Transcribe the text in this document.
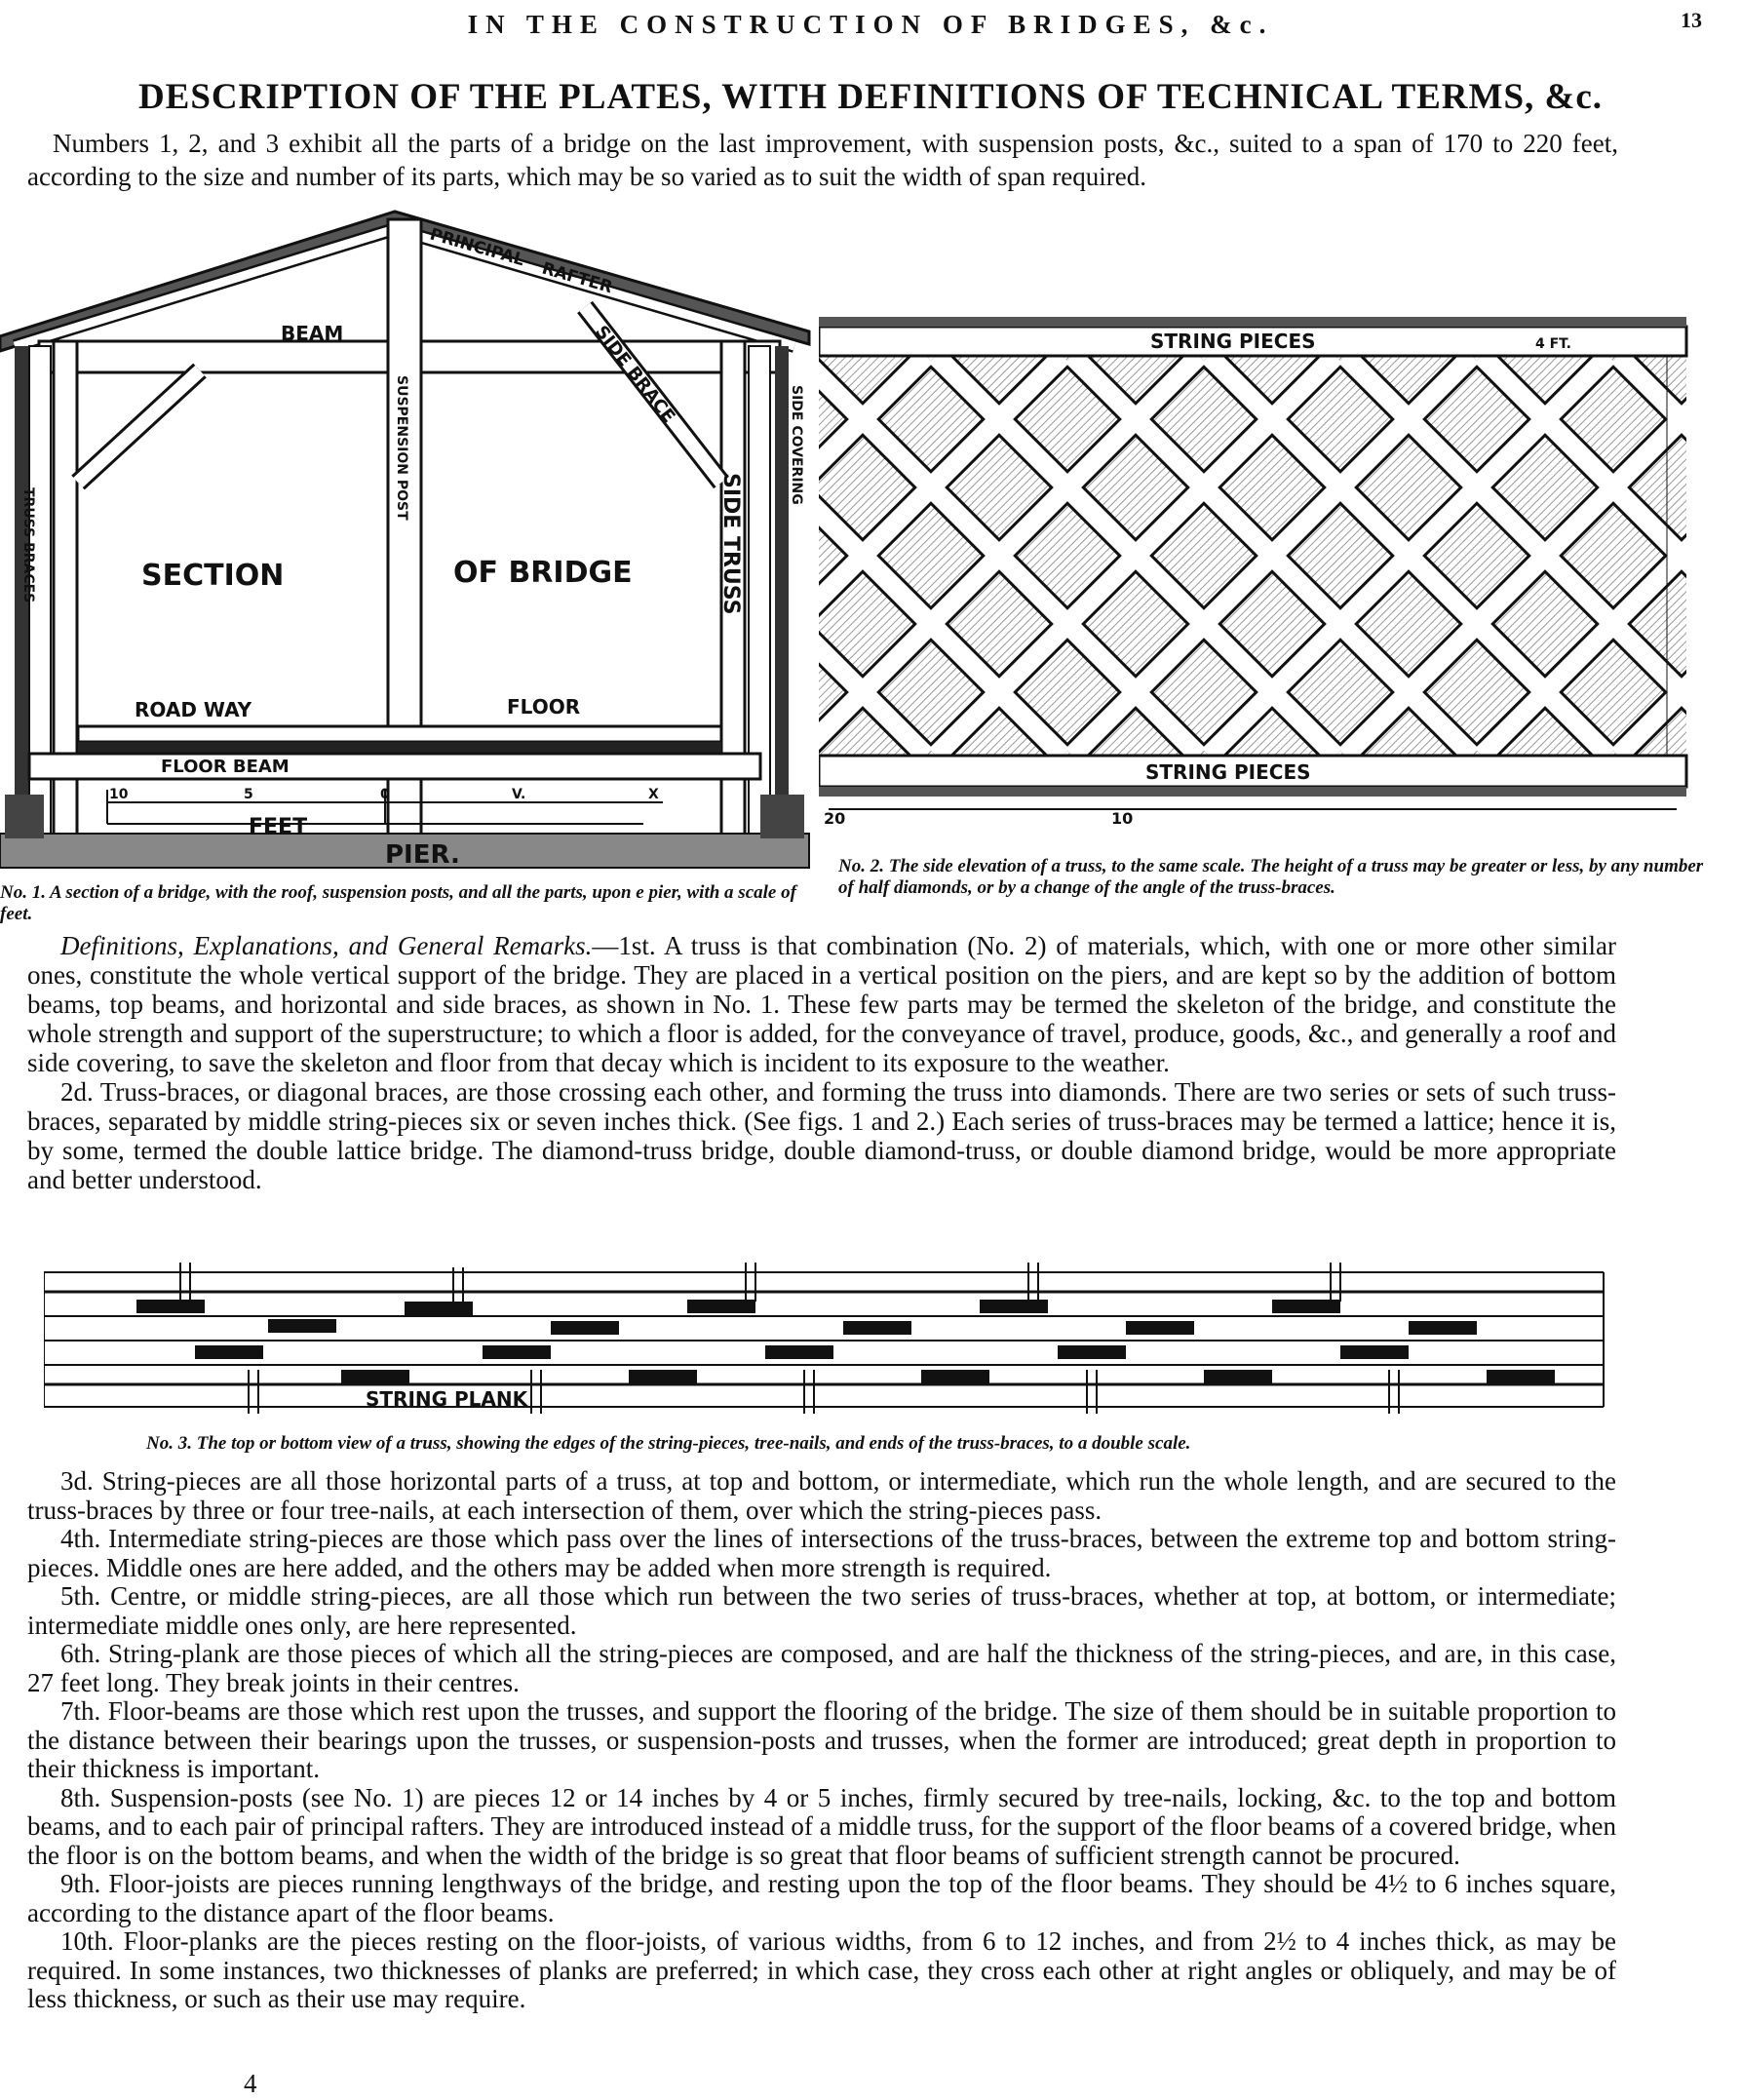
IN THE CONSTRUCTION OF BRIDGES, &c.	13
DESCRIPTION OF THE PLATES, WITH DEFINITIONS OF TECHNICAL TERMS, &c.
Numbers 1, 2, and 3 exhibit all the parts of a bridge on the last improvement, with suspension posts, &c., suited to a span of 170 to 220 feet, according to the size and number of its parts, which may be so varied as to suit the width of span required.
PRINCIPAL
RAFTER
BEAM	SIDE BRACE
SUSPENSION POST	SIDE COVERING
TRUSS BRACES	SIDE TRUSS
SECTION	OF BRIDGE
ROAD WAY	FLOOR
FLOOR BEAM
10	5	0	V.	X
FEET
PIER.
STRING PIECES	4 FT.
STRING PIECES
20	10
No. 1. A section of a bridge, with the roof, suspension posts, and all the parts, upon e pier, with a scale of feet.
No. 2. The side elevation of a truss, to the same scale. The height of a truss may be greater or less, by any number of half diamonds, or by a change of the angle of the truss-braces.

Definitions, Explanations, and General Remarks.—1st. A truss is that combination (No. 2) of materials, which, with one or more other similar ones, constitute the whole vertical support of the bridge. They are placed in a vertical position on the piers, and are kept so by the addition of bottom beams, top beams, and horizontal and side braces, as shown in No. 1. These few parts may be termed the skeleton of the bridge, and constitute the whole strength and support of the superstructure; to which a floor is added, for the conveyance of travel, produce, goods, &c., and generally a roof and side covering, to save the skeleton and floor from that decay which is incident to its exposure to the weather.

2d. Truss-braces, or diagonal braces, are those crossing each other, and forming the truss into diamonds. There are two series or sets of such truss-braces, separated by middle string-pieces six or seven inches thick. (See figs. 1 and 2.) Each series of truss-braces may be termed a lattice; hence it is, by some, termed the double lattice bridge. The diamond-truss bridge, double diamond-truss, or double diamond bridge, would be more appropriate and better understood.

STRING PLANK
No. 3. The top or bottom view of a truss, showing the edges of the string-pieces, tree-nails, and ends of the truss-braces, to a double scale.

3d. String-pieces are all those horizontal parts of a truss, at top and bottom, or intermediate, which run the whole length, and are secured to the truss-braces by three or four tree-nails, at each intersection of them, over which the string-pieces pass.

4th. Intermediate string-pieces are those which pass over the lines of intersections of the truss-braces, between the extreme top and bottom string-pieces. Middle ones are here added, and the others may be added when more strength is required.

5th. Centre, or middle string-pieces, are all those which run between the two series of truss-braces, whether at top, at bottom, or intermediate; intermediate middle ones only, are here represented.

6th. String-plank are those pieces of which all the string-pieces are composed, and are half the thickness of the string-pieces, and are, in this case, 27 feet long. They break joints in their centres.

7th. Floor-beams are those which rest upon the trusses, and support the flooring of the bridge. The size of them should be in suitable proportion to the distance between their bearings upon the trusses, or suspension-posts and trusses, when the former are introduced; great depth in proportion to their thickness is important.

8th. Suspension-posts (see No. 1) are pieces 12 or 14 inches by 4 or 5 inches, firmly secured by tree-nails, locking, &c. to the top and bottom beams, and to each pair of principal rafters. They are introduced instead of a middle truss, for the support of the floor beams of a covered bridge, when the floor is on the bottom beams, and when the width of the bridge is so great that floor beams of sufficient strength cannot be procured.

9th. Floor-joists are pieces running lengthways of the bridge, and resting upon the top of the floor beams. They should be 4½ to 6 inches square, according to the distance apart of the floor beams.

10th. Floor-planks are the pieces resting on the floor-joists, of various widths, from 6 to 12 inches, and from 2½ to 4 inches thick, as may be required. In some instances, two thicknesses of planks are preferred; in which case, they cross each other at right angles or obliquely, and may be of less thickness, or such as their use may require.

4
